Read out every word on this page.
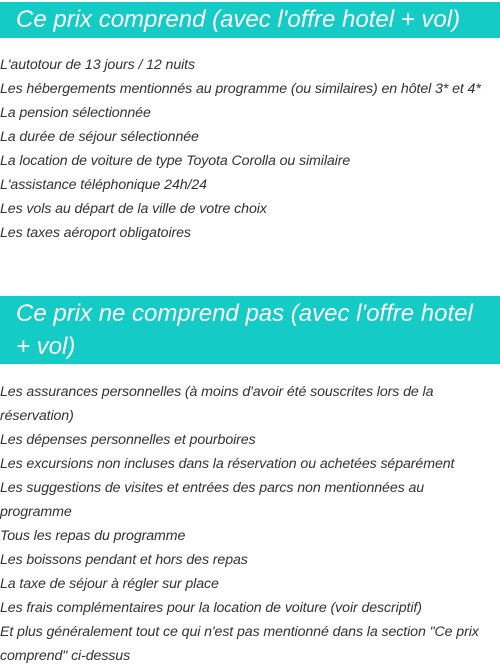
Ce prix comprend (avec l'offre hotel + vol)
L'autotour de 13 jours / 12 nuits
Les hébergements mentionnés au programme (ou similaires) en hôtel 3* et 4*
La pension sélectionnée
La durée de séjour sélectionnée
La location de voiture de type Toyota Corolla ou similaire
L'assistance téléphonique 24h/24
Les vols au départ de la ville de votre choix
Les taxes aéroport obligatoires
Ce prix ne comprend pas (avec l'offre hotel + vol)
Les assurances personnelles (à moins d'avoir été souscrites lors de la réservation)
Les dépenses personnelles et pourboires
Les excursions non incluses dans la réservation ou achetées séparément
Les suggestions de visites et entrées des parcs non mentionnées au programme
Tous les repas du programme
Les boissons pendant et hors des repas
La taxe de séjour à régler sur place
Les frais complémentaires pour la location de voiture (voir descriptif)
Et plus généralement tout ce qui n'est pas mentionné dans la section "Ce prix comprend" ci-dessus
